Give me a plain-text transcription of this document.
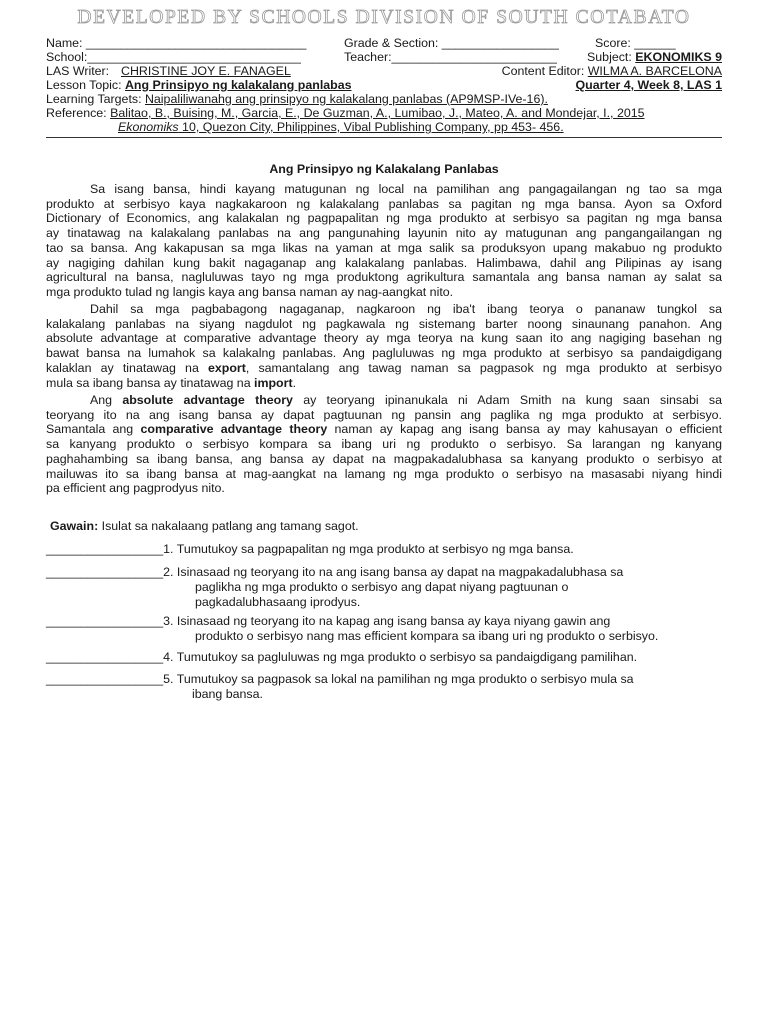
DEVELOPED BY SCHOOLS DIVISION OF SOUTH COTABATO
Name: ________________________________	Grade & Section: _________________	Score: ______
School:_______________________________	Teacher:________________________ Subject: EKONOMIKS 9
LAS Writer: CHRISTINE JOY E. FANAGEL	Content Editor: WILMA A. BARCELONA
Lesson Topic: Ang Prinsipyo ng kalakalang panlabas	Quarter 4, Week 8, LAS 1
Learning Targets: Naipaliliwanahg ang prinsipyo ng kalakalang panlabas (AP9MSP-IVe-16).
Reference: Balitao, B., Buising, M., Garcia, E., De Guzman, A., Lumibao, J., Mateo, A. and Mondejar, I., 2015
Ekonomiks 10, Quezon City, Philippines, Vibal Publishing Company, pp 453- 456.
Ang Prinsipyo ng Kalakalang Panlabas
Sa isang bansa, hindi kayang matugunan ng local na pamilihan ang pangagailangan ng tao sa mga
produkto at serbisyo kaya nagkakaroon ng kalakalang panlabas sa pagitan ng mga bansa. Ayon sa Oxford
Dictionary of Economics, ang kalakalan ng pagpapalitan ng mga produkto at serbisyo sa pagitan ng mga bansa
ay tinatawag na kalakalang panlabas na ang pangunahing layunin nito ay matugunan ang pangangailangan ng
tao sa bansa. Ang kakapusan sa mga likas na yaman at mga salik sa produksyon upang makabuo ng produkto
ay nagiging dahilan kung bakit nagaganap ang kalakalang panlabas. Halimbawa, dahil ang Pilipinas ay isang
agricultural na bansa, nagluluwas tayo ng mga produktong agrikultura samantala ang bansa naman ay salat sa
mga produkto tulad ng langis kaya ang bansa naman ay nag-aangkat nito.
Dahil sa mga pagbabagong nagaganap, nagkaroon ng iba't ibang teorya o pananaw tungkol sa
kalakalang panlabas na siyang nagdulot ng pagkawala ng sistemang barter noong sinaunang panahon. Ang
absolute advantage at comparative advantage theory ay mga teorya na kung saan ito ang nagiging basehan ng
bawat bansa na lumahok sa kalakalng panlabas. Ang pagluluwas ng mga produkto at serbisyo sa pandaigdigang
kalaklan ay tinatawag na export, samantalang ang tawag naman sa pagpasok ng mga produkto at serbisyo
mula sa ibang bansa ay tinatawag na import.
Ang absolute advantage theory ay teoryang ipinanukala ni Adam Smith na kung saan sinsabi sa
teoryang ito na ang isang bansa ay dapat pagtuunan ng pansin ang paglika ng mga produkto at serbisyo.
Samantala ang comparative advantage theory naman ay kapag ang isang bansa ay may kahusayan o efficient
sa kanyang produkto o serbisyo kompara sa ibang uri ng produkto o serbisyo. Sa larangan ng kanyang
paghahambing sa ibang bansa, ang bansa ay dapat na magpakadalubhasa sa kanyang produkto o serbisyo at
mailuwas ito sa ibang bansa at mag-aangkat na lamang ng mga produkto o serbisyo na masasabi niyang hindi
pa efficient ang pagprodyus nito.
Gawain: Isulat sa nakalaang patlang ang tamang sagot.
_________________1. Tumutukoy sa pagpapalitan ng mga produkto at serbisyo ng mga bansa.
_________________2. Isinasaad ng teoryang ito na ang isang bansa ay dapat na magpakadalubhasa sa
paglikha ng mga produkto o serbisyo ang dapat niyang pagtuunan o
pagkadalubhasaang iprodyus.
_________________3. Isinasaad ng teoryang ito na kapag ang isang bansa ay kaya niyang gawin ang
produkto o serbisyo nang mas efficient kompara sa ibang uri ng produkto o serbisyo.
_________________4. Tumutukoy sa pagluluwas ng mga produkto o serbisyo sa pandaigdigang pamilihan.
_________________5. Tumutukoy sa pagpasok sa lokal na pamilihan ng mga produkto o serbisyo mula sa
ibang bansa.
